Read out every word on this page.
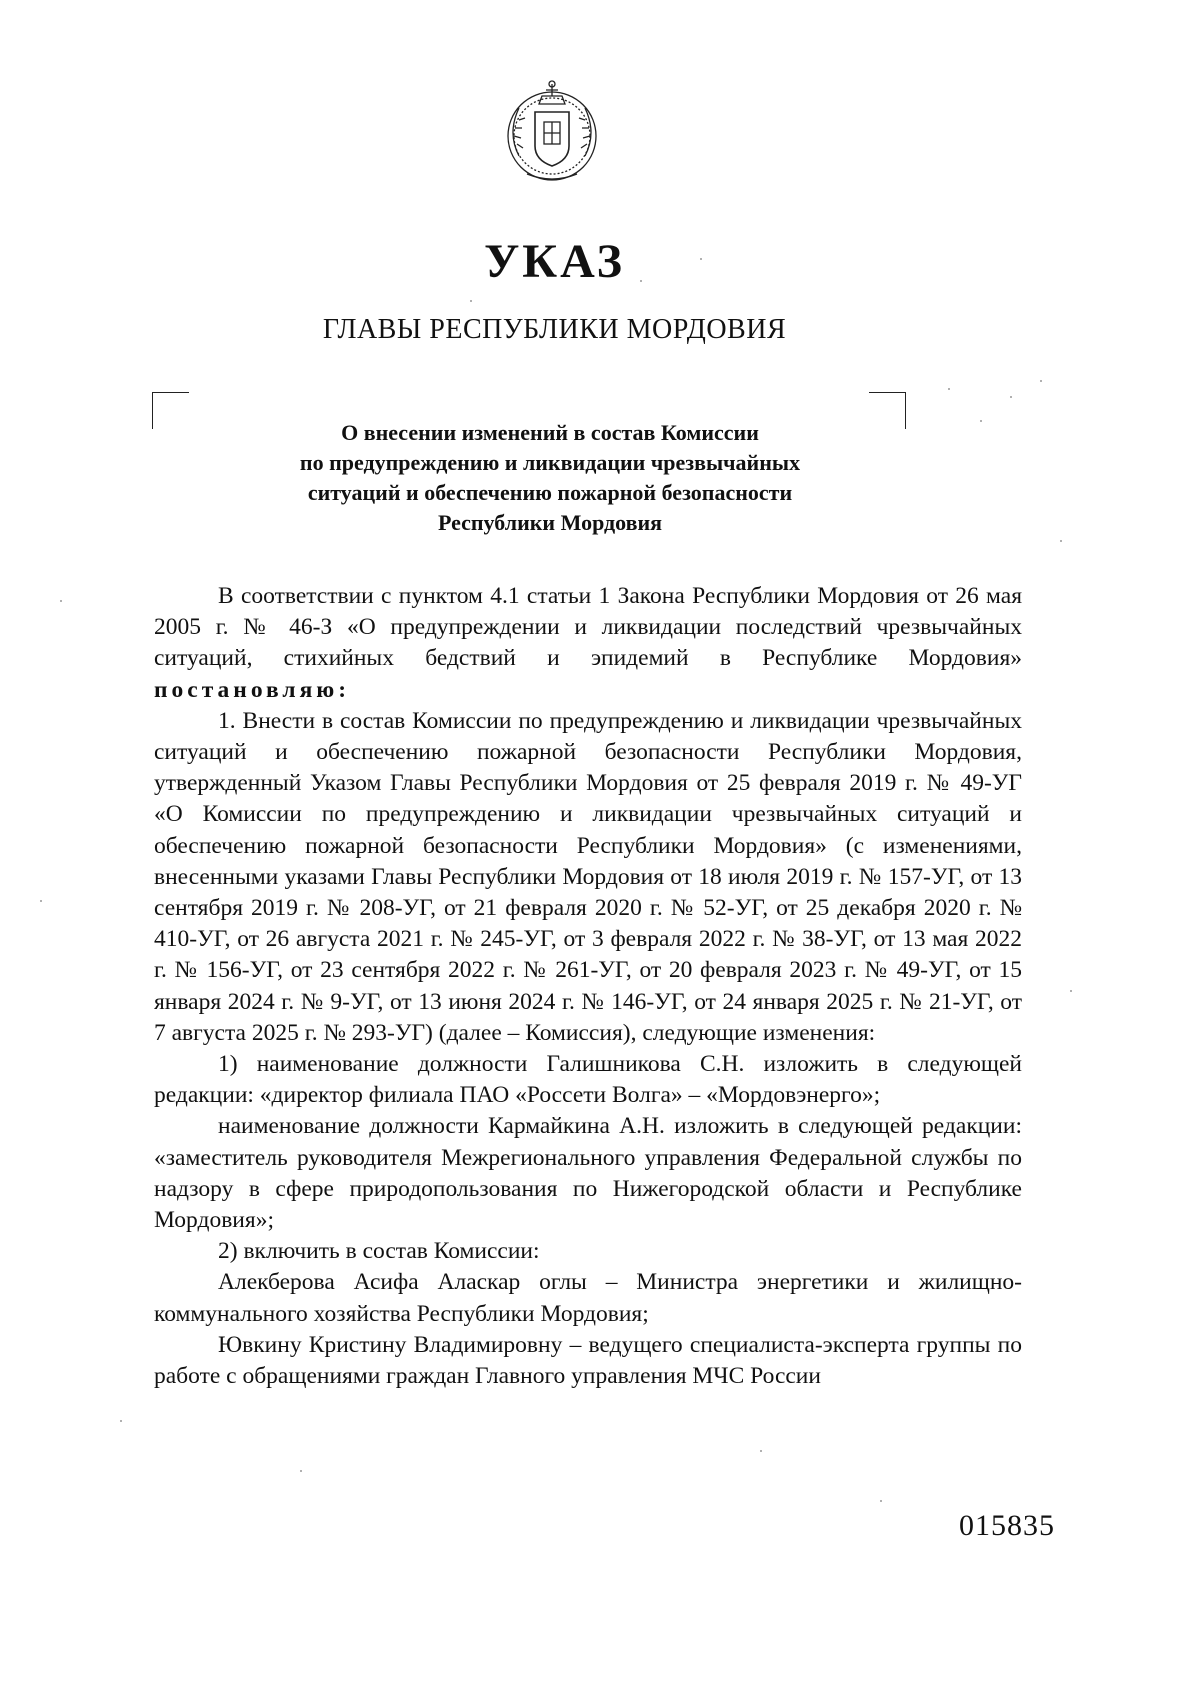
УКАЗ
ГЛАВЫ РЕСПУБЛИКИ МОРДОВИЯ
О внесении изменений в состав Комиссии
по предупреждению и ликвидации чрезвычайных
ситуаций и обеспечению пожарной безопасности
Республики Мордовия

В соответствии с пунктом 4.1 статьи 1 Закона Республики Мордовия от 26 мая 2005 г. № 46-З «О предупреждении и ликвидации последствий чрезвычайных ситуаций, стихийных бедствий и эпидемий в Республике Мордовия» постановляю:

1. Внести в состав Комиссии по предупреждению и ликвидации чрезвычайных ситуаций и обеспечению пожарной безопасности Республики Мордовия, утвержденный Указом Главы Республики Мордовия от 25 февраля 2019 г. № 49-УГ «О Комиссии по предупреждению и ликвидации чрезвычайных ситуаций и обеспечению пожарной безопасности Республики Мордовия» (с изменениями, внесенными указами Главы Республики Мордовия от 18 июля 2019 г. № 157-УГ, от 13 сентября 2019 г. № 208-УГ, от 21 февраля 2020 г. № 52-УГ, от 25 декабря 2020 г. № 410-УГ, от 26 августа 2021 г. № 245-УГ, от 3 февраля 2022 г. № 38-УГ, от 13 мая 2022 г. № 156-УГ, от 23 сентября 2022 г. № 261-УГ, от 20 февраля 2023 г. № 49-УГ, от 15 января 2024 г. № 9-УГ, от 13 июня 2024 г. № 146-УГ, от 24 января 2025 г. № 21-УГ, от 7 августа 2025 г. № 293-УГ) (далее – Комиссия), следующие изменения:

1) наименование должности Галишникова С.Н. изложить в следующей редакции: «директор филиала ПАО «Россети Волга» – «Мордовэнерго»;

наименование должности Кармайкина А.Н. изложить в следующей редакции: «заместитель руководителя Межрегионального управления Федеральной службы по надзору в сфере природопользования по Нижегородской области и Республике Мордовия»;

2) включить в состав Комиссии:

Алекберова Асифа Аласкар оглы – Министра энергетики и жилищно-коммунального хозяйства Республики Мордовия;

Ювкину Кристину Владимировну – ведущего специалиста-эксперта группы по работе с обращениями граждан Главного управления МЧС России

015835
